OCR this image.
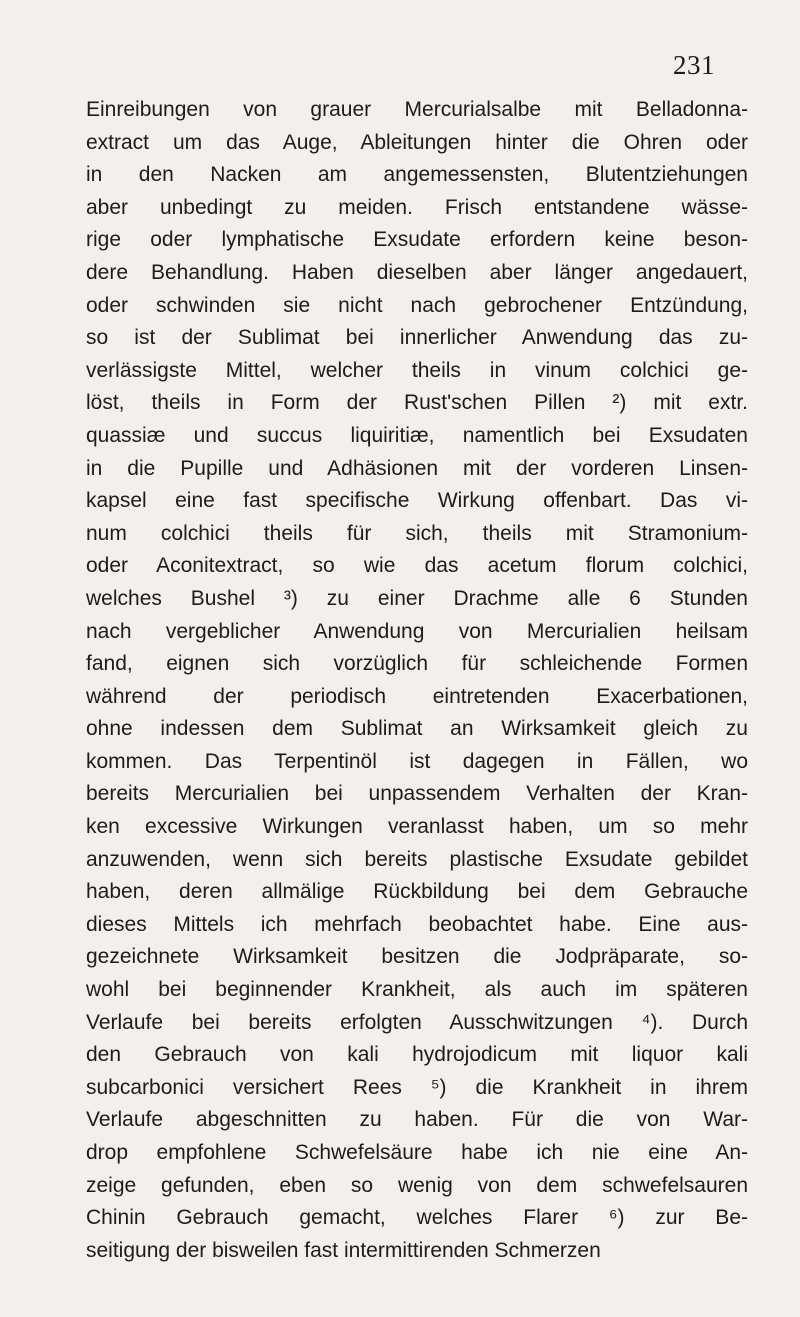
231
Einreibungen von grauer Mercurialsalbe mit Belladonna-
extract um das Auge, Ableitungen hinter die Ohren oder
in den Nacken am angemessensten, Blutentziehungen
aber unbedingt zu meiden. Frisch entstandene wässe-
rige oder lymphatische Exsudate erfordern keine beson-
dere Behandlung. Haben dieselben aber länger angedauert,
oder schwinden sie nicht nach gebrochener Entzündung,
so ist der Sublimat bei innerlicher Anwendung das zu-
verlässigste Mittel, welcher theils in vinum colchici ge-
löst, theils in Form der Rust'schen Pillen ²) mit extr.
quassiæ und succus liquiritiæ, namentlich bei Exsudaten
in die Pupille und Adhäsionen mit der vorderen Linsen-
kapsel eine fast specifische Wirkung offenbart. Das vi-
num colchici theils für sich, theils mit Stramonium-
oder Aconitextract, so wie das acetum florum colchici,
welches Bushel ³) zu einer Drachme alle 6 Stunden
nach vergeblicher Anwendung von Mercurialien heilsam
fand, eignen sich vorzüglich für schleichende Formen
während der periodisch eintretenden Exacerbationen,
ohne indessen dem Sublimat an Wirksamkeit gleich zu
kommen. Das Terpentinöl ist dagegen in Fällen, wo
bereits Mercurialien bei unpassendem Verhalten der Kran-
ken excessive Wirkungen veranlasst haben, um so mehr
anzuwenden, wenn sich bereits plastische Exsudate gebildet
haben, deren allmälige Rückbildung bei dem Gebrauche
dieses Mittels ich mehrfach beobachtet habe. Eine aus-
gezeichnete Wirksamkeit besitzen die Jodpräparate, so-
wohl bei beginnender Krankheit, als auch im späteren
Verlaufe bei bereits erfolgten Ausschwitzungen ⁴). Durch
den Gebrauch von kali hydrojodicum mit liquor kali
subcarbonici versichert Rees ⁵) die Krankheit in ihrem
Verlaufe abgeschnitten zu haben. Für die von War-
drop empfohlene Schwefelsäure habe ich nie eine An-
zeige gefunden, eben so wenig von dem schwefelsauren
Chinin Gebrauch gemacht, welches Flarer ⁶) zur Be-
seitigung der bisweilen fast intermittirenden Schmerzen
